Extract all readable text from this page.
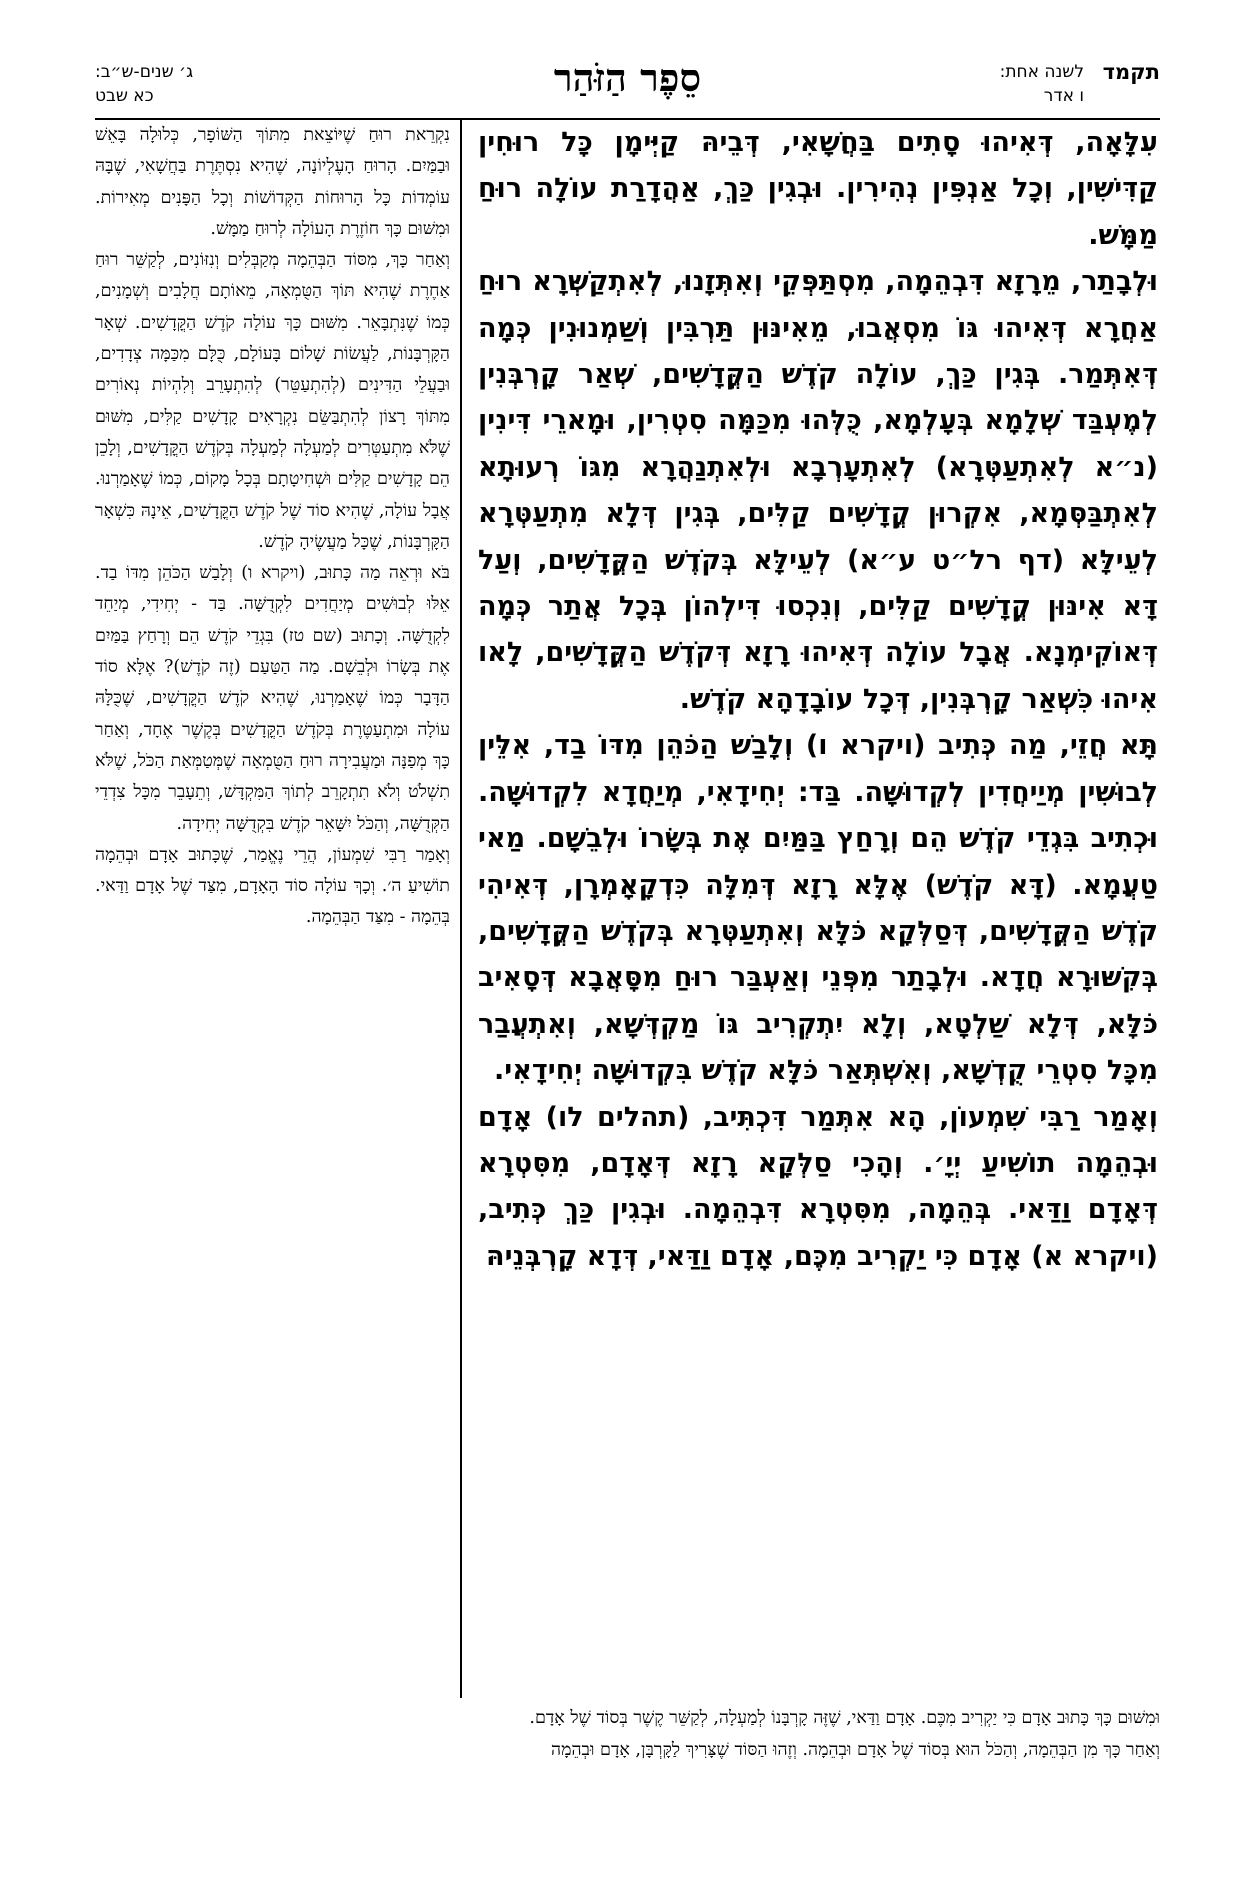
תקמד
לשנה אחת:
ו אדר
סֵפֶר הַזֹּהַר
ג׳ שנים-ש״ב:
כא שבט

עִלָּאָה, דְּאִיהוּ סָתִים בַּחֲשָׁאִי, דְּבֵיהּ קַיְּימָן כָּל רוּחִין קַדִּישִׁין, וְכָל אַנְפִּין נְהִירִין. וּבְגִין כַּךְ, אַהֲדָרַת עוֹלָה רוּחַ מַמָּשׁ.

וּלְבָתַר, מֵרָזָא דִּבְהֵמָה, מִסְתַּפְּקֵי וְאִתְּזָנוּ, לְאִתְקַשְּׁרָא רוּחַ אַחֲרָא דְּאִיהוּ גּוֹ מִסְאֲבוּ, מֵאִינּוּן תַּרְבִּין וְשַׁמְנוּנִין כְּמָה דְּאִתְּמַר. בְּגִין כַּךְ, עוֹלָה קֹדֶשׁ הַקֳּדָשִׁים, שְׁאַר קָרְבְּנִין לְמֶעְבַּד שְׁלָמָא בְּעָלְמָא, כֻּלְּהוּ מִכַּמָּה סִטְרִין, וּמָארֵי דִּינִין (נ״א לְאִתְעַטְּרָא) לְאִתְעָרְבָא וּלְאִתְנַהֲרָא מִגּוֹ רְעוּתָא לְאִתְבַּסְּמָא, אִקְרוּן קֳדָשִׁים קַלִּים, בְּגִין דְּלָא מִתְעַטְּרָא לְעֵילָּא (דף רל״ט ע״א) לְעֵילָּא בְּקֹדֶשׁ הַקֳּדָשִׁים, וְעַל דָּא אִינּוּן קֳדָשִׁים קַלִּים, וְנִכְסוּ דִּילְהוֹן בְּכָל אֲתַר כְּמָה דְּאוֹקִימְנָא. אֲבָל עוֹלָה דְּאִיהוּ רָזָא דְּקֹדֶשׁ הַקֳּדָשִׁים, לָאו אִיהוּ כִּשְׁאַר קָרְבְּנִין, דְּכָל עוֹבָדָהָא קֹדֶשׁ.

תָּא חֲזֵי, מַה כְּתִיב (ויקרא ו) וְלָבַשׁ הַכֹּהֵן מִדּוֹ בַד, אִלֵּין לְבוּשִׁין מְיַיחֲדִין לְקְדוּשָּׁה. בַּד: יְחִידָאִי, מְיַחֲדָא לִקְדוּשָּׁה. וּכְתִיב בִּגְדֵי קֹדֶשׁ הֵם וְרָחַץ בַּמַּיִם אֶת בְּשָׂרוֹ וּלְבֵשָׁם. מַאי טַעֲמָא. (דָּא קֹדֶשׁ) אֶלָּא רָזָא דְּמִלָּה כִּדְקָאָמְרָן, דְּאִיהִי קֹדֶשׁ הַקֳּדָשִׁים, דְּסַלְּקָא כֹּלָּא וְאִתְעַטְּרָא בְּקֹדֶשׁ הַקֳּדָשִׁים, בְּקִשּׁוּרָא חֲדָא. וּלְבָתַר מִפְּנֵי וְאַעְבַּר רוּחַ מִסָּאֲבָא דְּסָאִיב כֹּלָּא, דְּלָא שַׁלְטָא, וְלָא יִתְקְרִיב גּוֹ מַקְדְּשָׁא, וְאִתְעֲבַר מִכָּל סִטְרֵי קֻדְשָׁא, וְאִשְׁתְּאַר כֹּלָּא קֹדֶשׁ בִּקְדוּשָּׁה יְחִידָאִי.

וְאָמַר רַבִּי שִׁמְעוֹן, הָא אִתְּמַר דִּכְתִּיב, (תהלים לו) אָדָם וּבְהֵמָה תוֹשִׁיעַ יְיָ׳. וְהָכִי סַלְּקָא רָזָא דְּאָדָם, מִסִּטְרָא דְּאָדָם וַדַּאי. בְּהֵמָה, מִסִּטְרָא דִּבְהֵמָה. וּבְגִין כַּךְ כְּתִיב, (ויקרא א) אָדָם כִּי יַקְרִיב מִכֶּם, אָדָם וַדַּאי, דְּדָא קָרְבְּנֵיהּ

נִקְרֵאת רוּחַ שֶׁיּוֹצֵאת מִתּוֹךְ הַשּׁוֹפָר, כְּלוּלָה בָּאֵשׁ וּבַמַּיִם. הָרוּחַ הָעֶלְיוֹנָה, שֶׁהִיא נִסְתֶּרֶת בַּחֲשָׁאִי, שֶׁבָּהּ עוֹמְדוֹת כָּל הָרוּחוֹת הַקְּדוֹשׁוֹת וְכָל הַפָּנִים מְאִירוֹת. וּמִשּׁוּם כָּךְ חוֹזֶרֶת הָעוֹלָה לְרוּחַ מַמָּשׁ.

וְאַחַר כָּךְ, מִסּוֹד הַבְּהֵמָה מְקַבְּלִים וְנִזּוֹנִים, לְקַשֵּׁר רוּחַ אַחֶרֶת שֶׁהִיא תּוֹךְ הַטֻּמְאָה, מֵאוֹתָם חֲלָבִים וְשְׁמָנִים, כְּמוֹ שֶׁנִּתְבָּאֵר. מִשּׁוּם כָּךְ עוֹלָה קֹדֶשׁ הַקֳּדָשִׁים. שְׁאָר הַקָּרְבָּנוֹת, לַעֲשׂוֹת שָׁלוֹם בָּעוֹלָם, כֻּלָּם מִכַּמָּה צְדָדִים, וּבַעֲלֵי הַדִּינִים (לְהִתְעַטֵּר) לְהִתְעָרֵב וְלִהְיוֹת נְאוֹרִים מִתּוֹךְ רָצוֹן לְהִתְבַּשֵּׂם נִקְרָאִים קָדָשִׁים קַלִּים, מִשּׁוּם שֶׁלֹּא מִתְעַטְּרִים לְמַעְלָה לְמַעְלָה בְּקֹדֶשׁ הַקֳּדָשִׁים, וְלָכֵן הֵם קָדָשִׁים קַלִּים וּשְׁחִיטָתָם בְּכָל מָקוֹם, כְּמוֹ שֶׁאָמַרְנוּ. אֲבָל עוֹלָה, שֶׁהִיא סוֹד שֶׁל קֹדֶשׁ הַקֳּדָשִׁים, אֵינָהּ כִּשְׁאָר הַקָּרְבָּנוֹת, שֶׁכָּל מַעֲשֶׂיהָ קֹדֶשׁ.

בֹּא וּרְאֵה מַה כָּתוּב, (ויקרא ו) וְלָבַשׁ הַכֹּהֵן מִדּוֹ בַד. אֵלּוּ לְבוּשִׁים מְיַחֲדִים לִקְדֻשָּׁה. בַּד - יְחִידִי, מְיַחֵד לִקְדֻשָּׁה. וְכָתוּב (שם טז) בִּגְדֵי קֹדֶשׁ הֵם וְרָחַץ בַּמַּיִם אֶת בְּשָׂרוֹ וּלְבֵשָׁם. מַה הַטַּעַם (זֶה קֹדֶשׁ)? אֶלָּא סוֹד הַדָּבָר כְּמוֹ שֶׁאָמַרְנוּ, שֶׁהִיא קֹדֶשׁ הַקֳּדָשִׁים, שֶׁכֻּלָּהּ עוֹלָה וּמִתְעַטֶּרֶת בְּקֹדֶשׁ הַקֳּדָשִׁים בְּקֶשֶׁר אֶחָד, וְאַחַר כָּךְ מְפַנָּה וּמַעֲבִירָה רוּחַ הַטֻּמְאָה שֶׁמְּטַמְּאַת הַכֹּל, שֶׁלֹּא תִשְׁלֹט וְלֹא תִתְקָרֵב לְתוֹךְ הַמִּקְדָּשׁ, וְתֵעָבֵר מִכָּל צִדְדֵי הַקְּדֻשָּׁה, וְהַכֹּל יִשָּׁאֵר קֹדֶשׁ בִּקְדֻשָּׁה יְחִידָה.

וְאָמַר רַבִּי שִׁמְעוֹן, הֲרֵי נֶאֱמַר, שֶׁכָּתוּב אָדָם וּבְהֵמָה תוֹשִׁיעַ ה׳. וְכָךְ עוֹלָה סוֹד הָאָדָם, מִצַּד שֶׁל אָדָם וַדַּאי. בְּהֵמָה - מִצַּד הַבְּהֵמָה.

וּמִשּׁוּם כָּךְ כָּתוּב אָדָם כִּי יַקְרִיב מִכֶּם. אָדָם וַדַּאי, שֶׁזֶּה קָרְבָּנוֹ לְמַעְלָה, לְקַשֵּׁר קֶשֶׁר בְּסוֹד שֶׁל אָדָם.

וְאַחַר כָּךְ מִן הַבְּהֵמָה, וְהַכֹּל הוּא בְּסוֹד שֶׁל אָדָם וּבְהֵמָה. וְזֶהוּ הַסּוֹד שֶׁצָּרִיךְ לַקָּרְבָּן, אָדָם וּבְהֵמָה
